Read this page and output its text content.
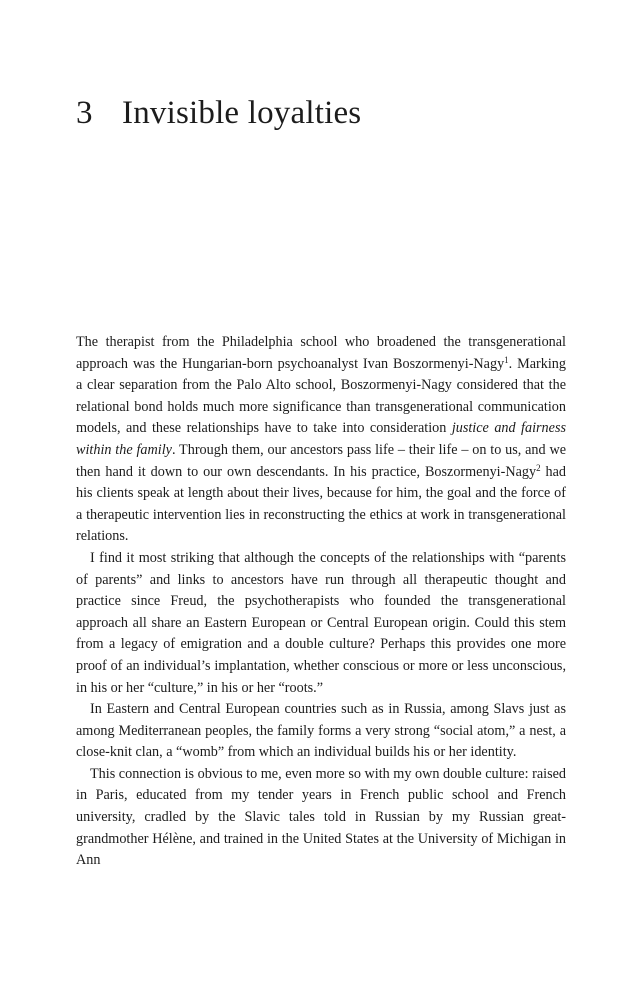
3 Invisible loyalties

The therapist from the Philadelphia school who broadened the transgenerational approach was the Hungarian-born psychoanalyst Ivan Boszormenyi-Nagy$^1$. Marking a clear separation from the Palo Alto school, Boszormenyi-Nagy considered that the relational bond holds much more significance than transgenerational communication models, and these relationships have to take into consideration justice and fairness within the family. Through them, our ancestors pass life – their life – on to us, and we then hand it down to our own descendants. In his practice, Boszormenyi-Nagy$^2$ had his clients speak at length about their lives, because for him, the goal and the force of a therapeutic intervention lies in reconstructing the ethics at work in transgenerational relations.

I find it most striking that although the concepts of the relationships with “parents of parents” and links to ancestors have run through all therapeutic thought and practice since Freud, the psychotherapists who founded the transgenerational approach all share an Eastern European or Central European origin. Could this stem from a legacy of emigration and a double culture? Perhaps this provides one more proof of an individual’s implantation, whether conscious or more or less unconscious, in his or her “culture,” in his or her “roots.”

In Eastern and Central European countries such as in Russia, among Slavs just as among Mediterranean peoples, the family forms a very strong “social atom,” a nest, a close-knit clan, a “womb” from which an individual builds his or her identity.

This connection is obvious to me, even more so with my own double culture: raised in Paris, educated from my tender years in French public school and French university, cradled by the Slavic tales told in Russian by my Russian great-grandmother Hélène, and trained in the United States at the University of Michigan in Ann
